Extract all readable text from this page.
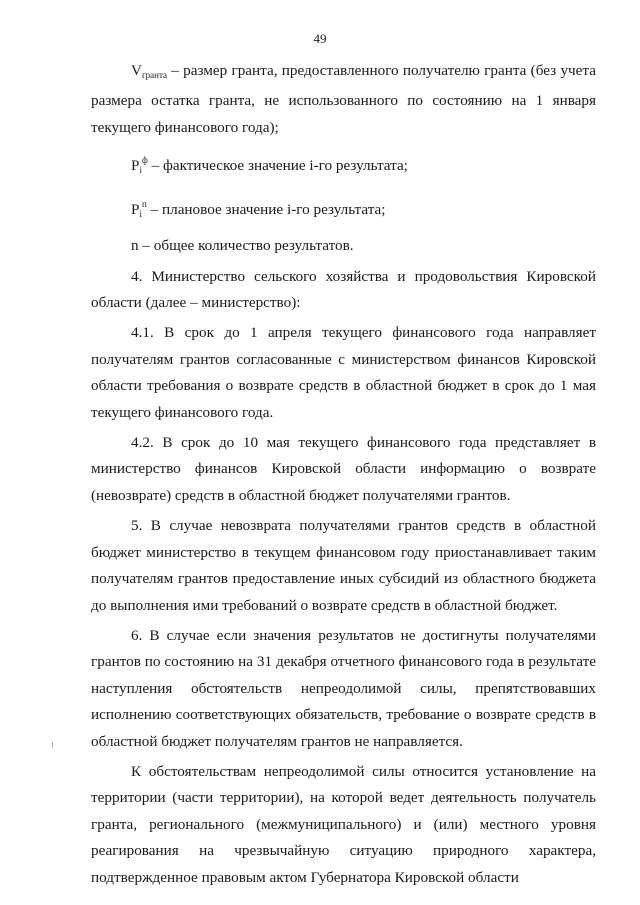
49

$V_{гранта}$ – размер гранта, предоставленного получателю гранта (без учета размера остатка гранта, не использованного по состоянию на 1 января текущего финансового года);

$P_i^ф$ – фактическое значение i-го результата;

$P_i^п$ – плановое значение i-го результата;

n – общее количество результатов.

4. Министерство сельского хозяйства и продовольствия Кировской области (далее – министерство):

4.1. В срок до 1 апреля текущего финансового года направляет получателям грантов согласованные с министерством финансов Кировской области требования о возврате средств в областной бюджет в срок до 1 мая текущего финансового года.

4.2. В срок до 10 мая текущего финансового года представляет в министерство финансов Кировской области информацию о возврате (невозврате) средств в областной бюджет получателями грантов.

5. В случае невозврата получателями грантов средств в областной бюджет министерство в текущем финансовом году приостанавливает таким получателям грантов предоставление иных субсидий из областного бюджета до выполнения ими требований о возврате средств в областной бюджет.

6. В случае если значения результатов не достигнуты получателями грантов по состоянию на 31 декабря отчетного финансового года в результате наступления обстоятельств непреодолимой силы, препятствовавших исполнению соответствующих обязательств, требование о возврате средств в областной бюджет получателям грантов не направляется.

К обстоятельствам непреодолимой силы относится установление на территории (части территории), на которой ведет деятельность получатель гранта, регионального (межмуниципального) и (или) местного уровня реагирования на чрезвычайную ситуацию природного характера, подтвержденное правовым актом Губернатора Кировской области
